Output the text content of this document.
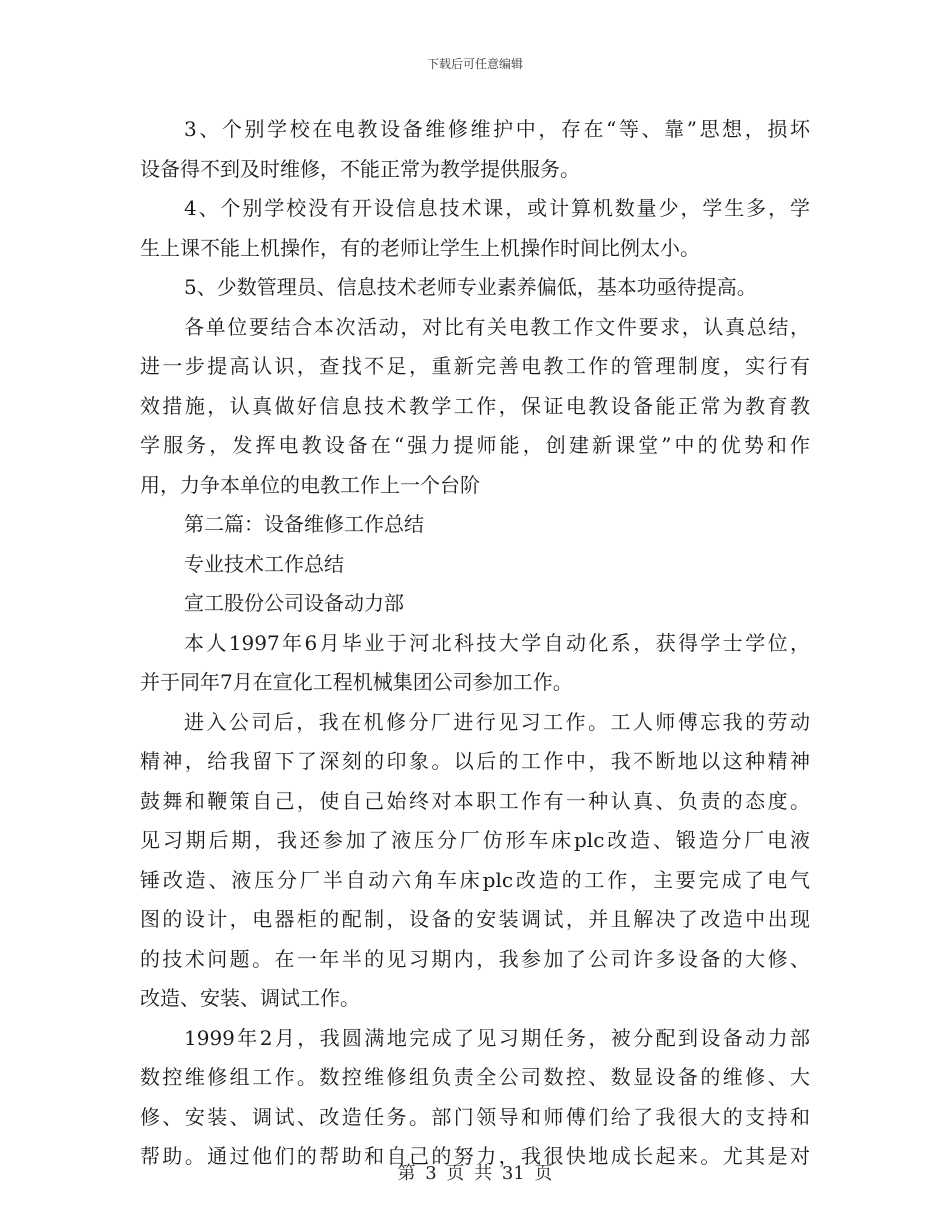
下载后可任意编辑
3、个别学校在电教设备维修维护中，存在“等、靠”思想，损坏
设备得不到及时维修，不能正常为教学提供服务。
4、个别学校没有开设信息技术课，或计算机数量少，学生多，学
生上课不能上机操作，有的老师让学生上机操作时间比例太小。
5、少数管理员、信息技术老师专业素养偏低，基本功亟待提高。
各单位要结合本次活动，对比有关电教工作文件要求，认真总结，
进一步提高认识，查找不足，重新完善电教工作的管理制度，实行有
效措施，认真做好信息技术教学工作，保证电教设备能正常为教育教
学服务，发挥电教设备在“强力提师能，创建新课堂”中的优势和作
用，力争本单位的电教工作上一个台阶
第二篇：设备维修工作总结
专业技术工作总结
宣工股份公司设备动力部
本人1997年6月毕业于河北科技大学自动化系，获得学士学位，
并于同年7月在宣化工程机械集团公司参加工作。
进入公司后，我在机修分厂进行见习工作。工人师傅忘我的劳动
精神，给我留下了深刻的印象。以后的工作中，我不断地以这种精神
鼓舞和鞭策自己，使自己始终对本职工作有一种认真、负责的态度。
见习期后期，我还参加了液压分厂仿形车床plc改造、锻造分厂电液
锤改造、液压分厂半自动六角车床plc改造的工作，主要完成了电气
图的设计，电器柜的配制，设备的安装调试，并且解决了改造中出现
的技术问题。在一年半的见习期内，我参加了公司许多设备的大修、
改造、安装、调试工作。
1999年2月，我圆满地完成了见习期任务，被分配到设备动力部
数控维修组工作。数控维修组负责全公司数控、数显设备的维修、大
修、安装、调试、改造任务。部门领导和师傅们给了我很大的支持和
帮助。通过他们的帮助和自己的努力，我很快地成长起来。尤其是对
第 3 页 共 31 页
